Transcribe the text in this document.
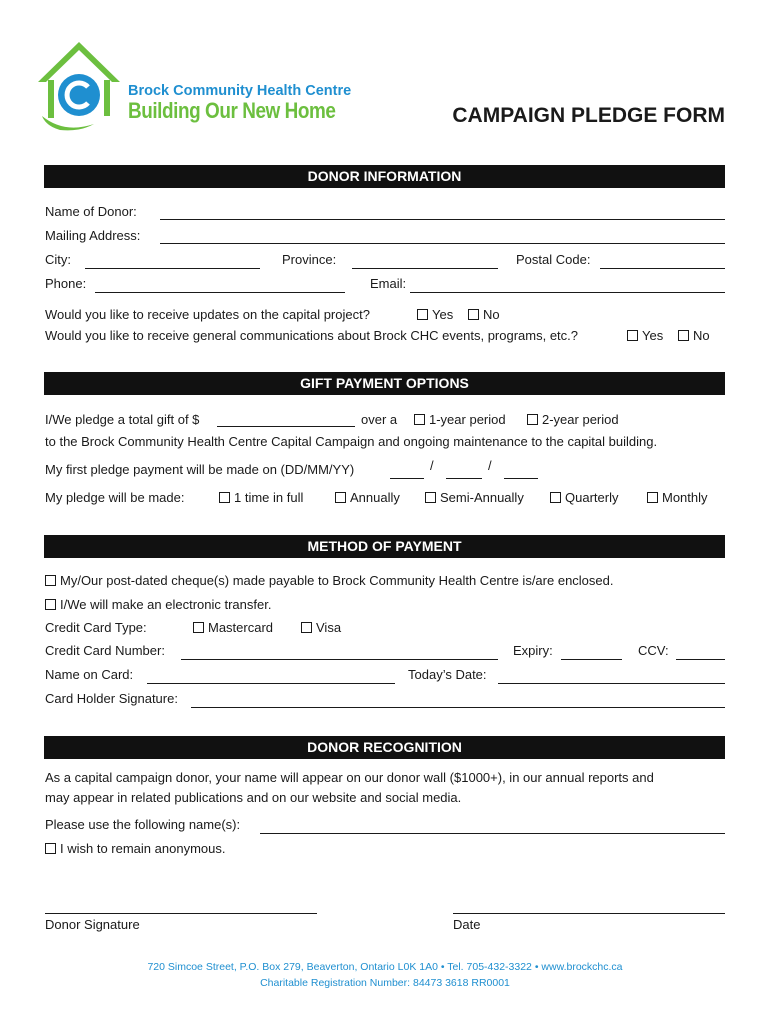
Brock Community Health Centre
Building Our New Home	CAMPAIGN PLEDGE FORM
DONOR INFORMATION
Name of Donor:
Mailing Address:
City:	Province:	Postal Code:
Phone:	Email:
Would you like to receive updates on the capital project?	Yes	No
Would you like to receive general communications about Brock CHC events, programs, etc.?	Yes	No
GIFT PAYMENT OPTIONS
I/We pledge a total gift of $	over a	1-year period	2-year period
to the Brock Community Health Centre Capital Campaign and ongoing maintenance to the capital building.
My first pledge payment will be made on (DD/MM/YY)	/	/
My pledge will be made:	1 time in full	Annually	Semi-Annually	Quarterly	Monthly
METHOD OF PAYMENT
My/Our post-dated cheque(s) made payable to Brock Community Health Centre is/are enclosed.
I/We will make an electronic transfer.
Credit Card Type:	Mastercard	Visa
Credit Card Number:	Expiry:	CCV:
Name on Card:	Today’s Date:
Card Holder Signature:
DONOR RECOGNITION
As a capital campaign donor, your name will appear on our donor wall ($1000+), in our annual reports and
may appear in related publications and on our website and social media.
Please use the following name(s):
I wish to remain anonymous.
Donor Signature	Date
720 Simcoe Street, P.O. Box 279, Beaverton, Ontario L0K 1A0 • Tel. 705-432-3322 • www.brockchc.ca
Charitable Registration Number: 84473 3618 RR0001
